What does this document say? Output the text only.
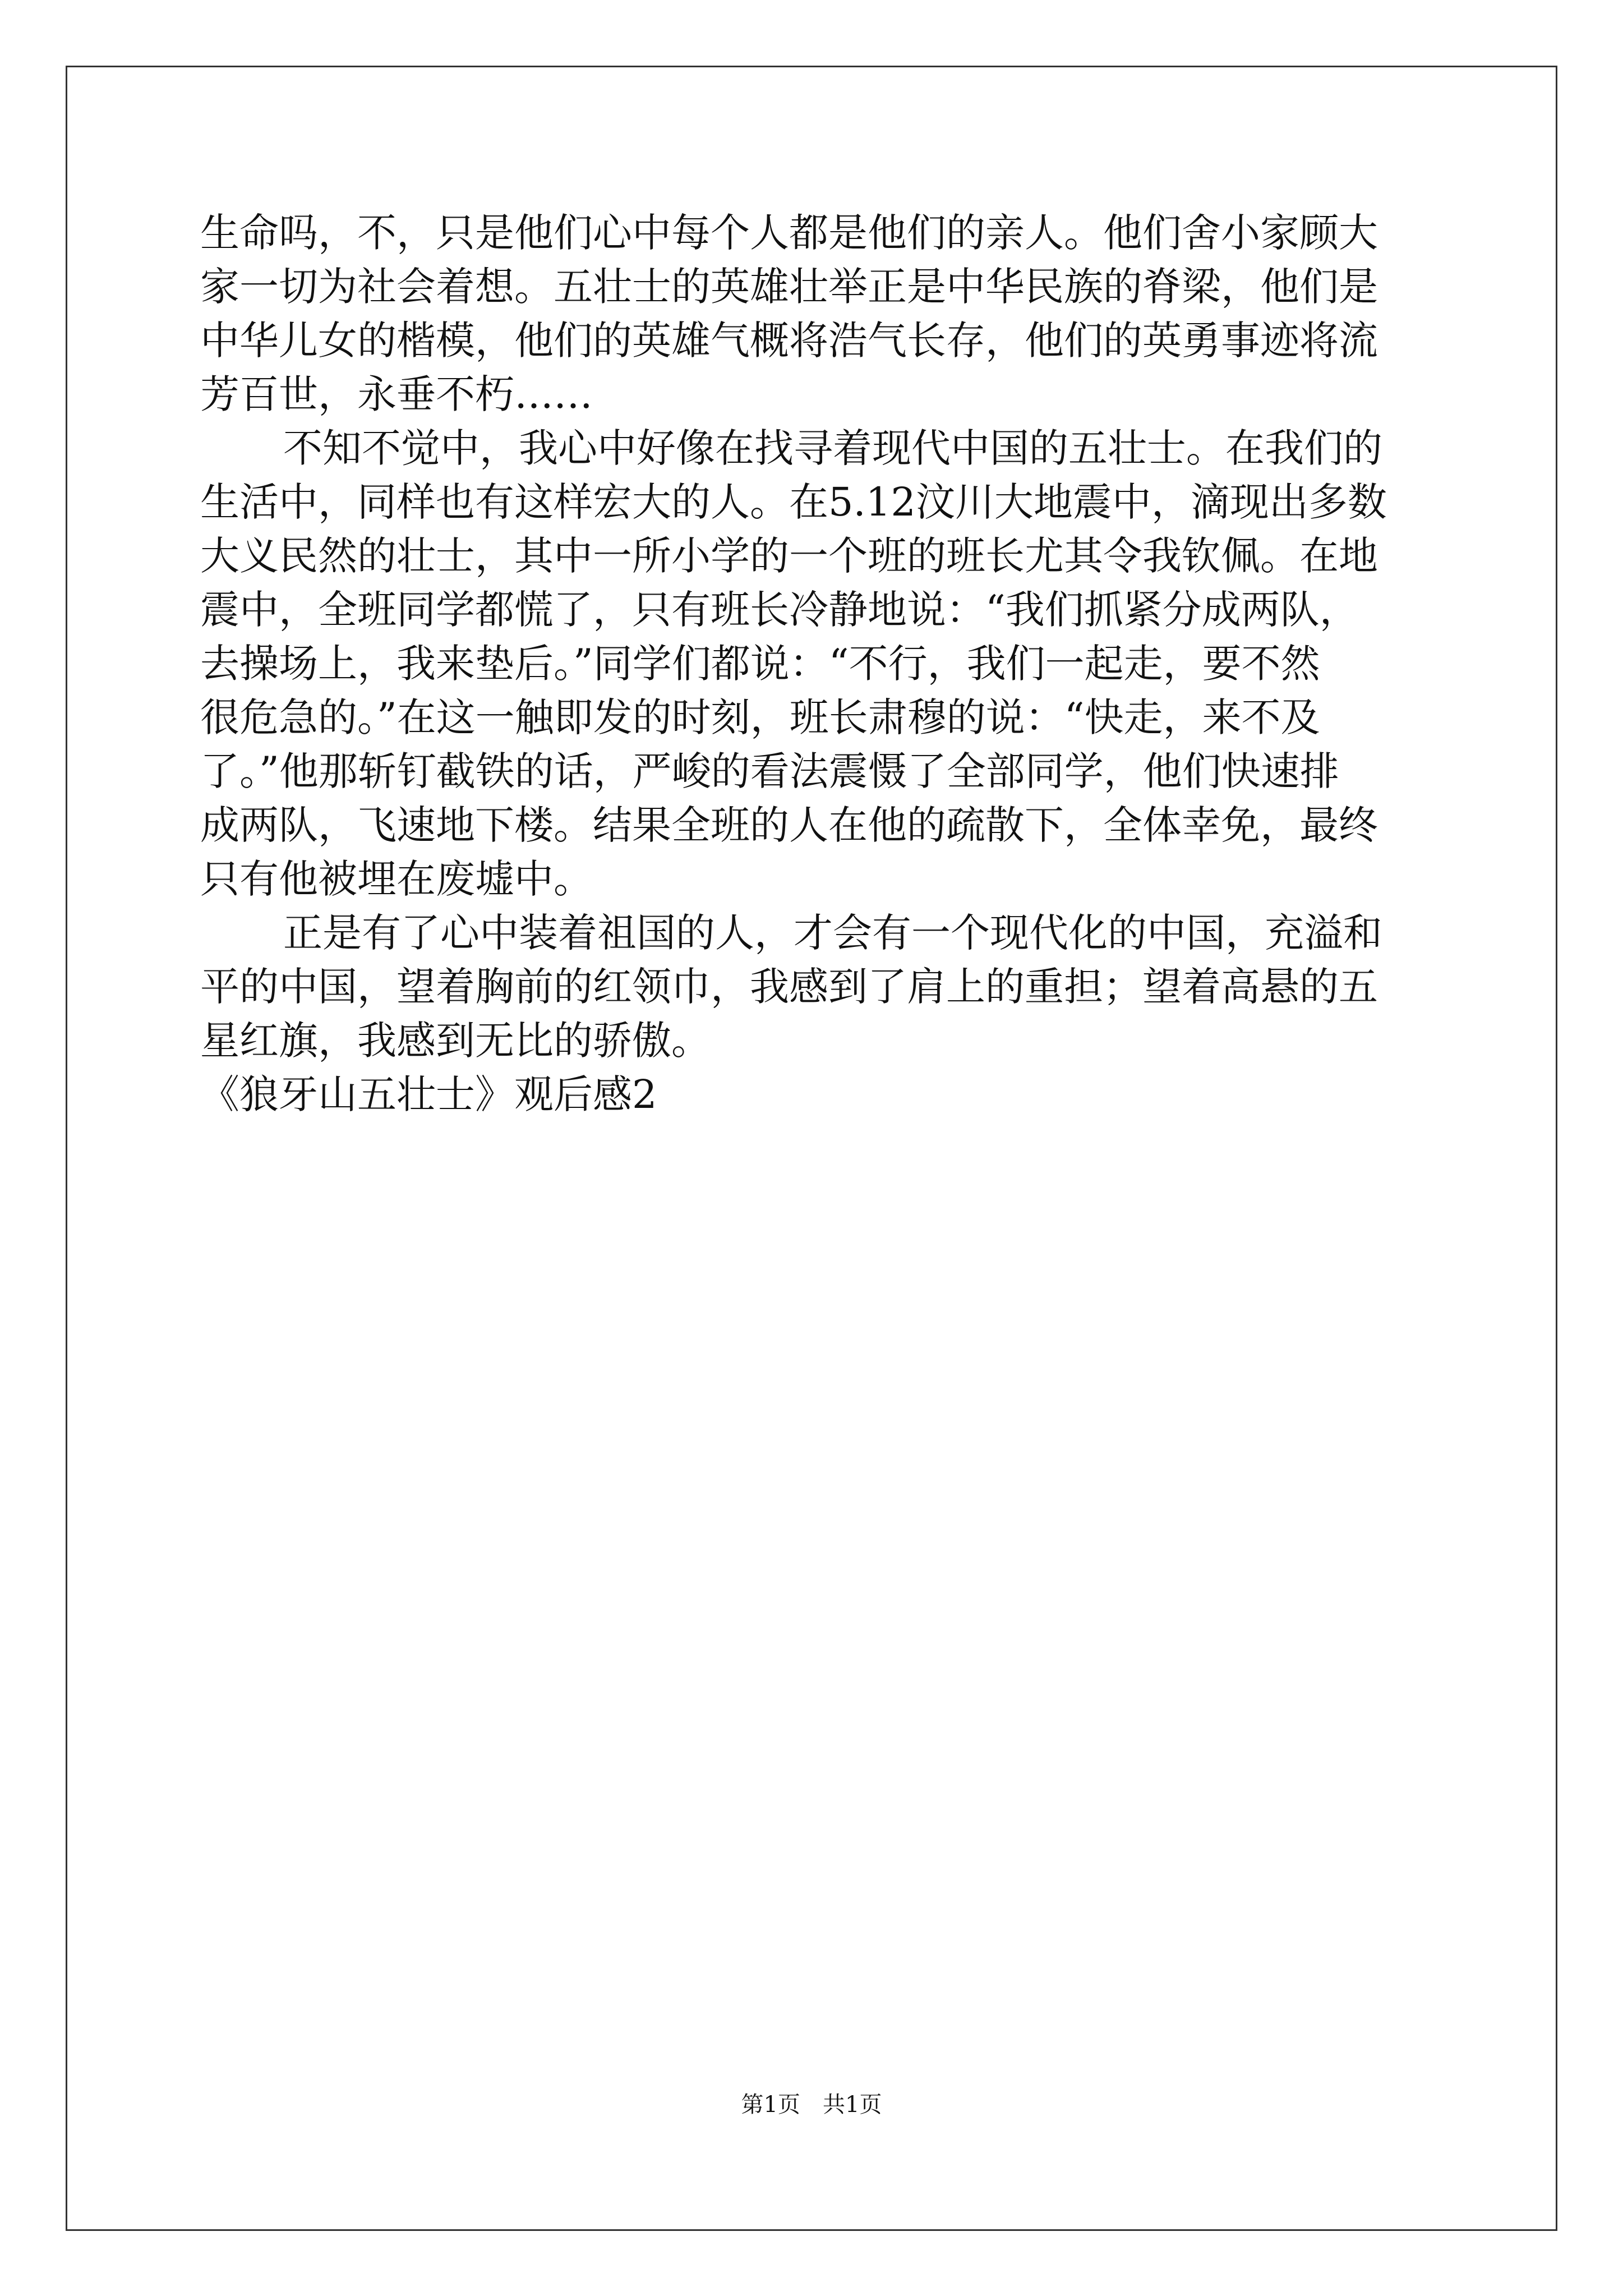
生命吗，不，只是他们心中每个人都是他们的亲人。他们舍小家顾大
家一切为社会着想。五壮士的英雄壮举正是中华民族的脊梁，他们是
中华儿女的楷模，他们的英雄气概将浩气长存，他们的英勇事迹将流
芳百世，永垂不朽……
不知不觉中，我心中好像在找寻着现代中国的五壮士。在我们的
生活中，同样也有这样宏大的人。在5.12汶川大地震中，滴现出多数
大义民然的壮士，其中一所小学的一个班的班长尤其令我钦佩。在地
震中，全班同学都慌了，只有班长冷静地说：“我们抓紧分成两队，
去操场上，我来垫后。”同学们都说：“不行，我们一起走，要不然
很危急的。”在这一触即发的时刻，班长肃穆的说：“快走，来不及
了。”他那斩钉截铁的话，严峻的看法震慑了全部同学，他们快速排
成两队，飞速地下楼。结果全班的人在他的疏散下，全体幸免，最终
只有他被埋在废墟中。
正是有了心中装着祖国的人，才会有一个现代化的中国，充溢和
平的中国，望着胸前的红领巾，我感到了肩上的重担；望着高悬的五
星红旗，我感到无比的骄傲。
《狼牙山五壮士》观后感2
第1页　共1页
